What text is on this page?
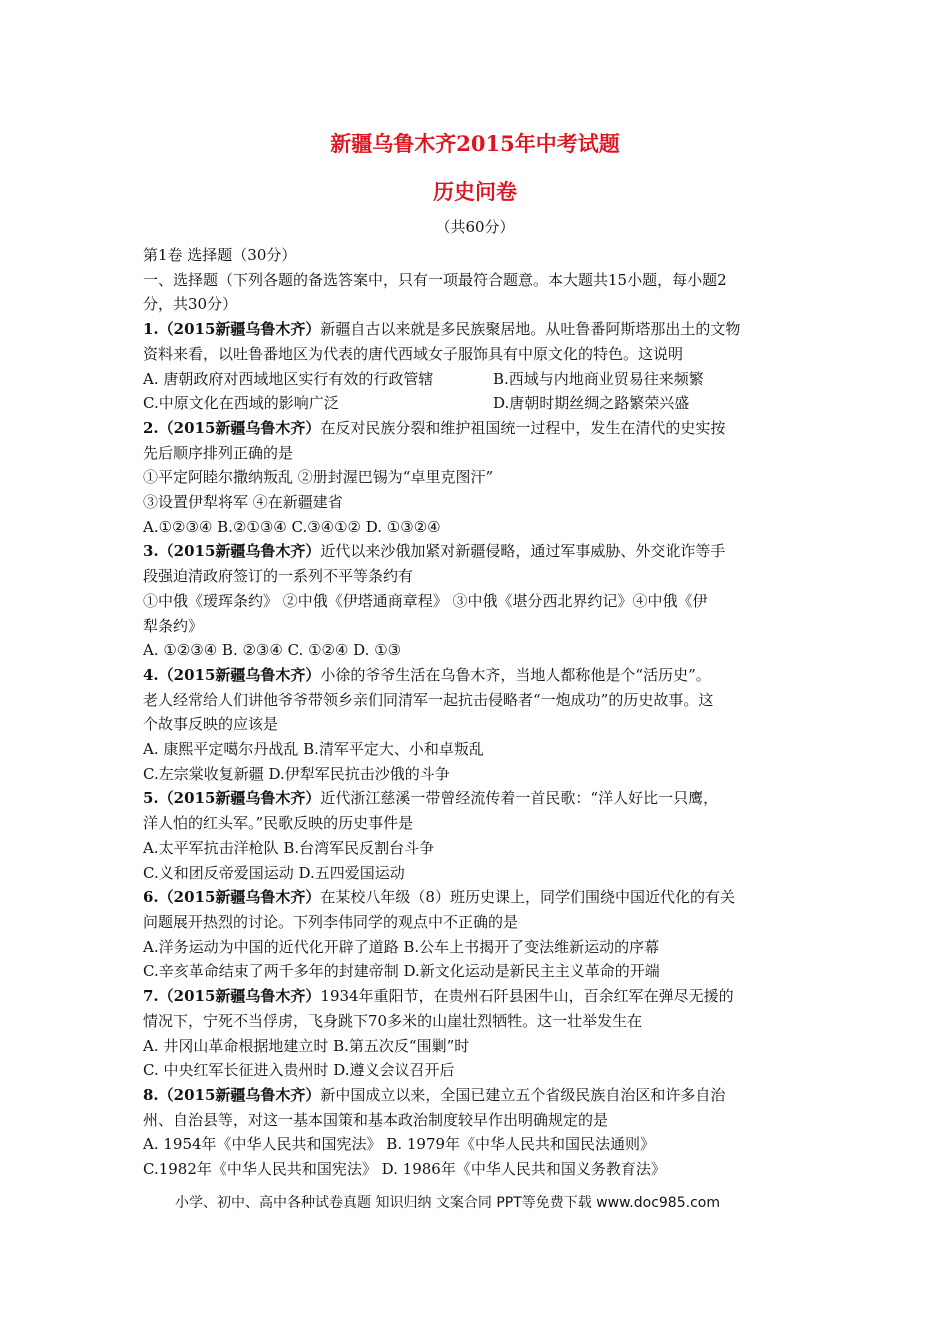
新疆乌鲁木齐2015年中考试题
历史问卷
（共60分）

第1卷 选择题（30分）

一、选择题（下列各题的备选答案中，只有一项最符合题意。本大题共15小题，每小题2

分，共30分）

1.（2015新疆乌鲁木齐）新疆自古以来就是多民族聚居地。从吐鲁番阿斯塔那出土的文物

资料来看，以吐鲁番地区为代表的唐代西域女子服饰具有中原文化的特色。这说明

A. 唐朝政府对西域地区实行有效的行政管辖	B.西域与内地商业贸易往来频繁
C.中原文化在西域的影响广泛	D.唐朝时期丝绸之路繁荣兴盛

2.（2015新疆乌鲁木齐）在反对民族分裂和维护祖国统一过程中，发生在清代的史实按

先后顺序排列正确的是

①平定阿睦尔撒纳叛乱 ②册封渥巴锡为“卓里克图汗”

③设置伊犁将军 ④在新疆建省

A.①②③④ B.②①③④ C.③④①② D. ①③②④

3.（2015新疆乌鲁木齐）近代以来沙俄加紧对新疆侵略，通过军事威胁、外交讹诈等手

段强迫清政府签订的一系列不平等条约有

①中俄《瑷珲条约》 ②中俄《伊塔通商章程》 ③中俄《堪分西北界约记》④中俄《伊

犁条约》

A. ①②③④ B. ②③④ C. ①②④ D. ①③

4.（2015新疆乌鲁木齐）小徐的爷爷生活在乌鲁木齐，当地人都称他是个“活历史”。

老人经常给人们讲他爷爷带领乡亲们同清军一起抗击侵略者“一炮成功”的历史故事。这

个故事反映的应该是

A. 康熙平定噶尔丹战乱 B.清军平定大、小和卓叛乱
C.左宗棠收复新疆 D.伊犁军民抗击沙俄的斗争

5.（2015新疆乌鲁木齐）近代浙江慈溪一带曾经流传着一首民歌：“洋人好比一只鹰，

洋人怕的红头军。”民歌反映的历史事件是

A.太平军抗击洋枪队 B.台湾军民反割台斗争
C.义和团反帝爱国运动 D.五四爱国运动

6.（2015新疆乌鲁木齐）在某校八年级（8）班历史课上，同学们围绕中国近代化的有关

问题展开热烈的讨论。下列李伟同学的观点中不正确的是

A.洋务运动为中国的近代化开辟了道路 B.公车上书揭开了变法维新运动的序幕
C.辛亥革命结束了两千多年的封建帝制 D.新文化运动是新民主主义革命的开端

7.（2015新疆乌鲁木齐）1934年重阳节，在贵州石阡县困牛山，百余红军在弹尽无援的

情况下，宁死不当俘虏，飞身跳下70多米的山崖壮烈牺牲。这一壮举发生在

A. 井冈山革命根据地建立时 B.第五次反“围剿”时
C. 中央红军长征进入贵州时 D.遵义会议召开后

8.（2015新疆乌鲁木齐）新中国成立以来，全国已建立五个省级民族自治区和许多自治

州、自治县等，对这一基本国策和基本政治制度较早作出明确规定的是

A. 1954年《中华人民共和国宪法》 B. 1979年《中华人民共和国民法通则》
C.1982年《中华人民共和国宪法》 D. 1986年《中华人民共和国义务教育法》
小学、初中、高中各种试卷真题 知识归纳 文案合同 PPT等免费下载 www.doc985.com
